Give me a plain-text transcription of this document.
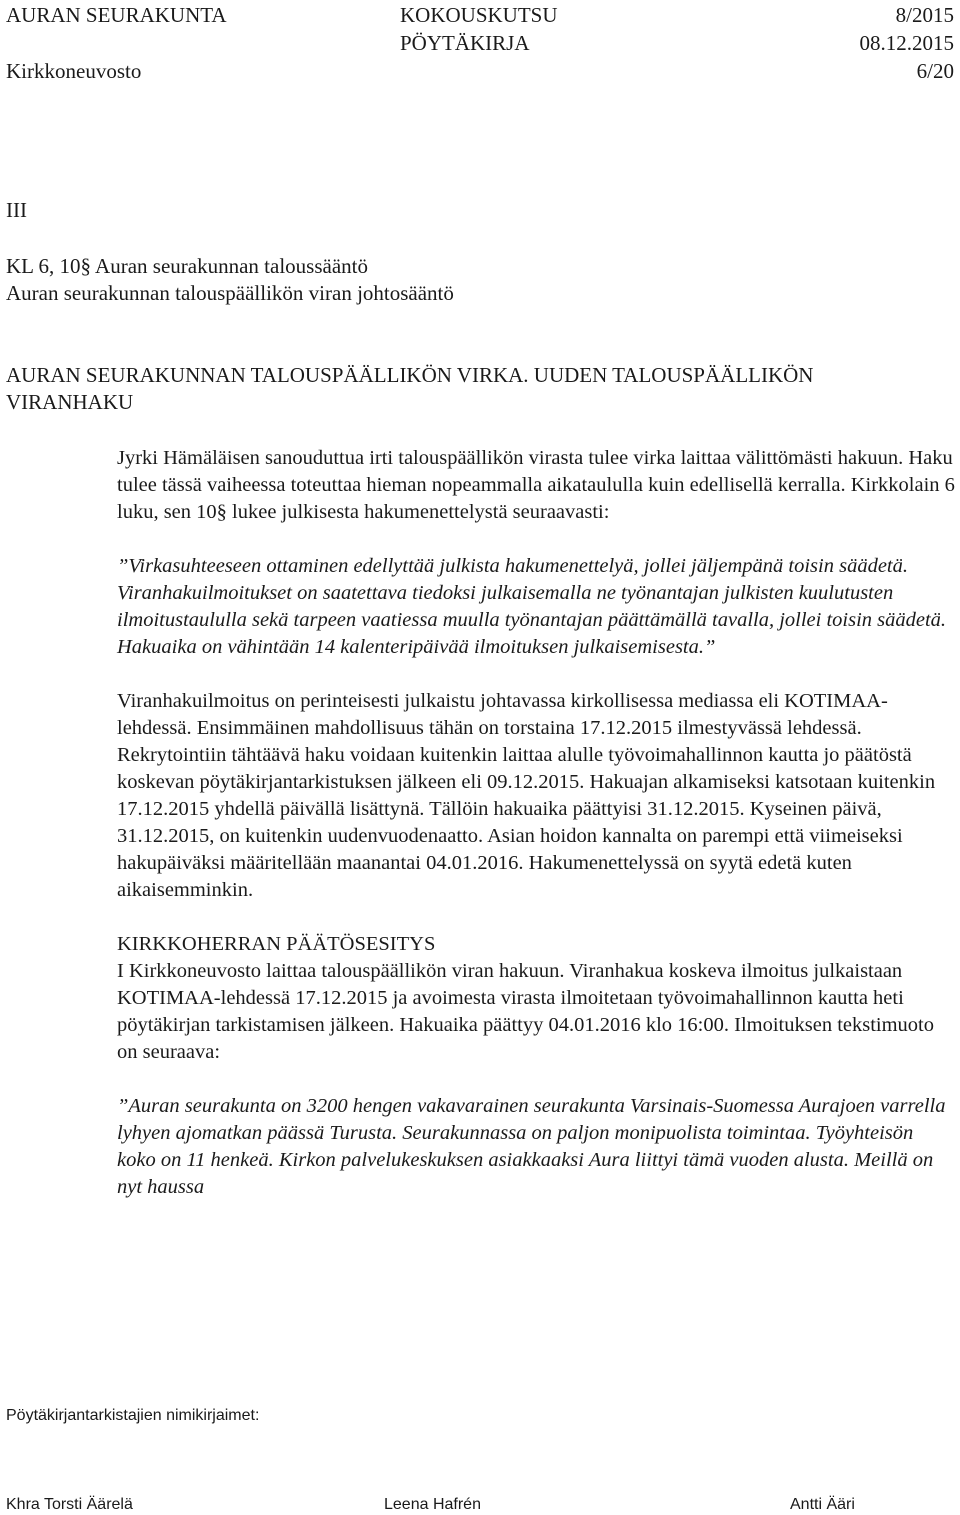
AURAN SEURAKUNTA
Kirkkoneuvosto
KOKOUSKUTSU
PÖYTÄKIRJA
8/2015
08.12.2015
6/20
III
KL 6, 10§ Auran seurakunnan taloussääntö
Auran seurakunnan talouspäällikön viran johtosääntö
AURAN SEURAKUNNAN TALOUSPÄÄLLIKÖN VIRKA. UUDEN TALOUSPÄÄLLIKÖN
VIRANHAKU

Jyrki Hämäläisen sanouduttua irti talouspäällikön virasta tulee virka laittaa välittömästi hakuun. Haku tulee tässä vaiheessa toteuttaa hieman nopeammalla aikataululla kuin edellisellä kerralla. Kirkkolain 6 luku, sen 10§ lukee julkisesta hakumenettelystä seuraavasti:

”Virkasuhteeseen ottaminen edellyttää julkista hakumenettelyä, jollei jäljempänä toisin säädetä. Viranhakuilmoitukset on saatettava tiedoksi julkaisemalla ne työnantajan julkisten kuulutusten ilmoitustaululla sekä tarpeen vaatiessa muulla työnantajan päättämällä tavalla, jollei toisin säädetä. Hakuaika on vähintään 14 kalenteripäivää ilmoituksen julkaisemisesta.”

Viranhakuilmoitus on perinteisesti julkaistu johtavassa kirkollisessa mediassa eli KOTIMAA-lehdessä. Ensimmäinen mahdollisuus tähän on torstaina 17.12.2015 ilmestyvässä lehdessä. Rekrytointiin tähtäävä haku voidaan kuitenkin laittaa alulle työvoimahallinnon kautta jo päätöstä koskevan pöytäkirjantarkistuksen jälkeen eli 09.12.2015. Hakuajan alkamiseksi katsotaan kuitenkin 17.12.2015 yhdellä päivällä lisättynä. Tällöin hakuaika päättyisi 31.12.2015. Kyseinen päivä, 31.12.2015, on kuitenkin uudenvuodenaatto. Asian hoidon kannalta on parempi että viimeiseksi hakupäiväksi määritellään maanantai 04.01.2016. Hakumenettelyssä on syytä edetä kuten aikaisemminkin.

KIRKKOHERRAN PÄÄTÖSESITYS

I Kirkkoneuvosto laittaa talouspäällikön viran hakuun. Viranhakua koskeva ilmoitus julkaistaan KOTIMAA-lehdessä 17.12.2015 ja avoimesta virasta ilmoitetaan työvoimahallinnon kautta heti pöytäkirjan tarkistamisen jälkeen. Hakuaika päättyy 04.01.2016 klo 16:00. Ilmoituksen tekstimuoto on seuraava:

”Auran seurakunta on 3200 hengen vakavarainen seurakunta Varsinais-Suomessa Aurajoen varrella lyhyen ajomatkan päässä Turusta. Seurakunnassa on paljon monipuolista toimintaa. Työyhteisön koko on 11 henkeä. Kirkon palvelukeskuksen asiakkaaksi Aura liittyi tämä vuoden alusta. Meillä on nyt haussa

Pöytäkirjantarkistajien nimikirjaimet:
Khra Torsti Äärelä	Leena Hafrén	Antti Ääri
